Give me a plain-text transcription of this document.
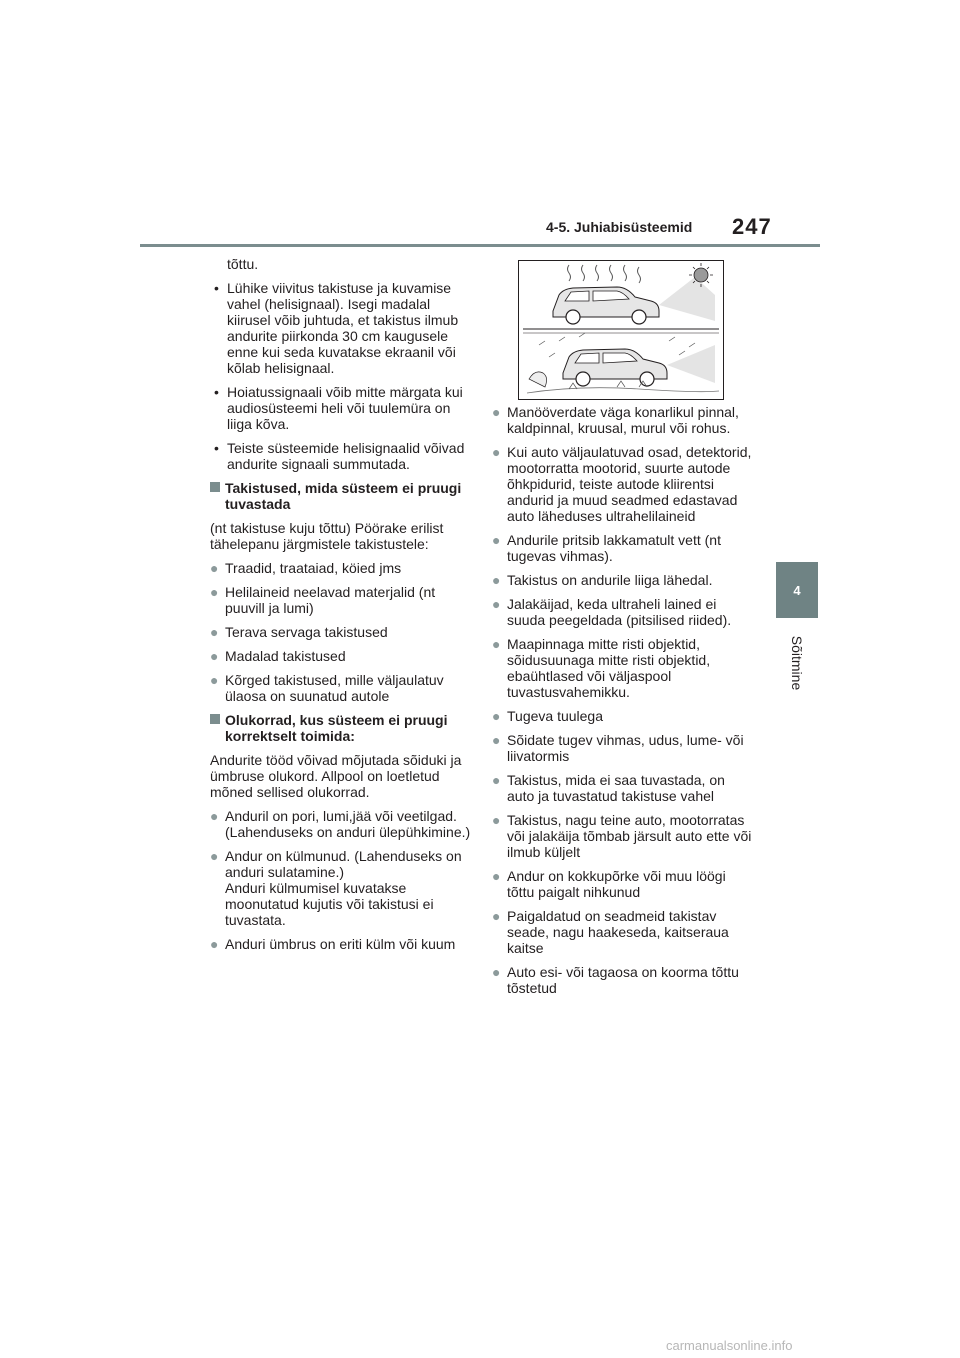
4-5. Juhiabisüsteemid 247
4
Sõitmine
tõttu.
• Lühike viivitus takistuse ja kuvamise vahel (helisignaal). Isegi madalal kiirusel võib juhtuda, et takistus ilmub andurite piirkonda 30 cm kaugusele enne kui seda kuvatakse ekraanil või kõlab helisignaal.
• Hoiatussignaali võib mitte märgata kui audiosüsteemi heli või tuulemüra on liiga kõva.
• Teiste süsteemide helisignaalid võivad andurite signaali summutada.
Takistused, mida süsteem ei pruugi tuvastada
(nt takistuse kuju tõttu) Pöörake erilist tähelepanu järgmistele takistustele:
● Traadid, traataiad, köied jms
● Helilaineid neelavad materjalid (nt puuvill ja lumi)
● Terava servaga takistused
● Madalad takistused
● Kõrged takistused, mille väljaulatuv ülaosa on suunatud autole
Olukorrad, kus süsteem ei pruugi korrektselt toimida:
Andurite tööd võivad mõjutada sõiduki ja ümbruse olukord. Allpool on loetletud mõned sellised olukorrad.
● Anduril on pori, lumi,jää või veetilgad. (Lahenduseks on anduri ülepühkimine.)
● Andur on külmunud. (Lahenduseks on anduri sulatamine.)
Anduri külmumisel kuvatakse moonutatud kujutis või takistusi ei tuvastata.
● Anduri ümbrus on eriti külm või kuum
● Manööverdate väga konarlikul pinnal, kaldpinnal, kruusal, murul või rohus.
● Kui auto väljaulatuvad osad, detektorid, mootorratta mootorid, suurte autode õhkpidurid, teiste autode kliirentsi andurid ja muud seadmed edastavad auto läheduses ultrahelilaineid
● Andurile pritsib lakkamatult vett (nt tugevas vihmas).
● Takistus on andurile liiga lähedal.
● Jalakäijad, keda ultraheli lained ei suuda peegeldada (pitsilised riided).
● Maapinnaga mitte risti objektid, sõidusuunaga mitte risti objektid, ebaühtlased või väljaspool tuvastusvahemikku.
● Tugeva tuulega
● Sõidate tugev vihmas, udus, lume- või liivatormis
● Takistus, mida ei saa tuvastada, on auto ja tuvastatud takistuse vahel
● Takistus, nagu teine auto, mootorratas või jalakäija tõmbab järsult auto ette või ilmub küljelt
● Andur on kokkupõrke või muu löögi tõttu paigalt nihkunud
● Paigaldatud on seadmeid takistav seade, nagu haakeseda, kaitseraua kaitse
● Auto esi- või tagaosa on koorma tõttu tõstetud
carmanualsonline.info
